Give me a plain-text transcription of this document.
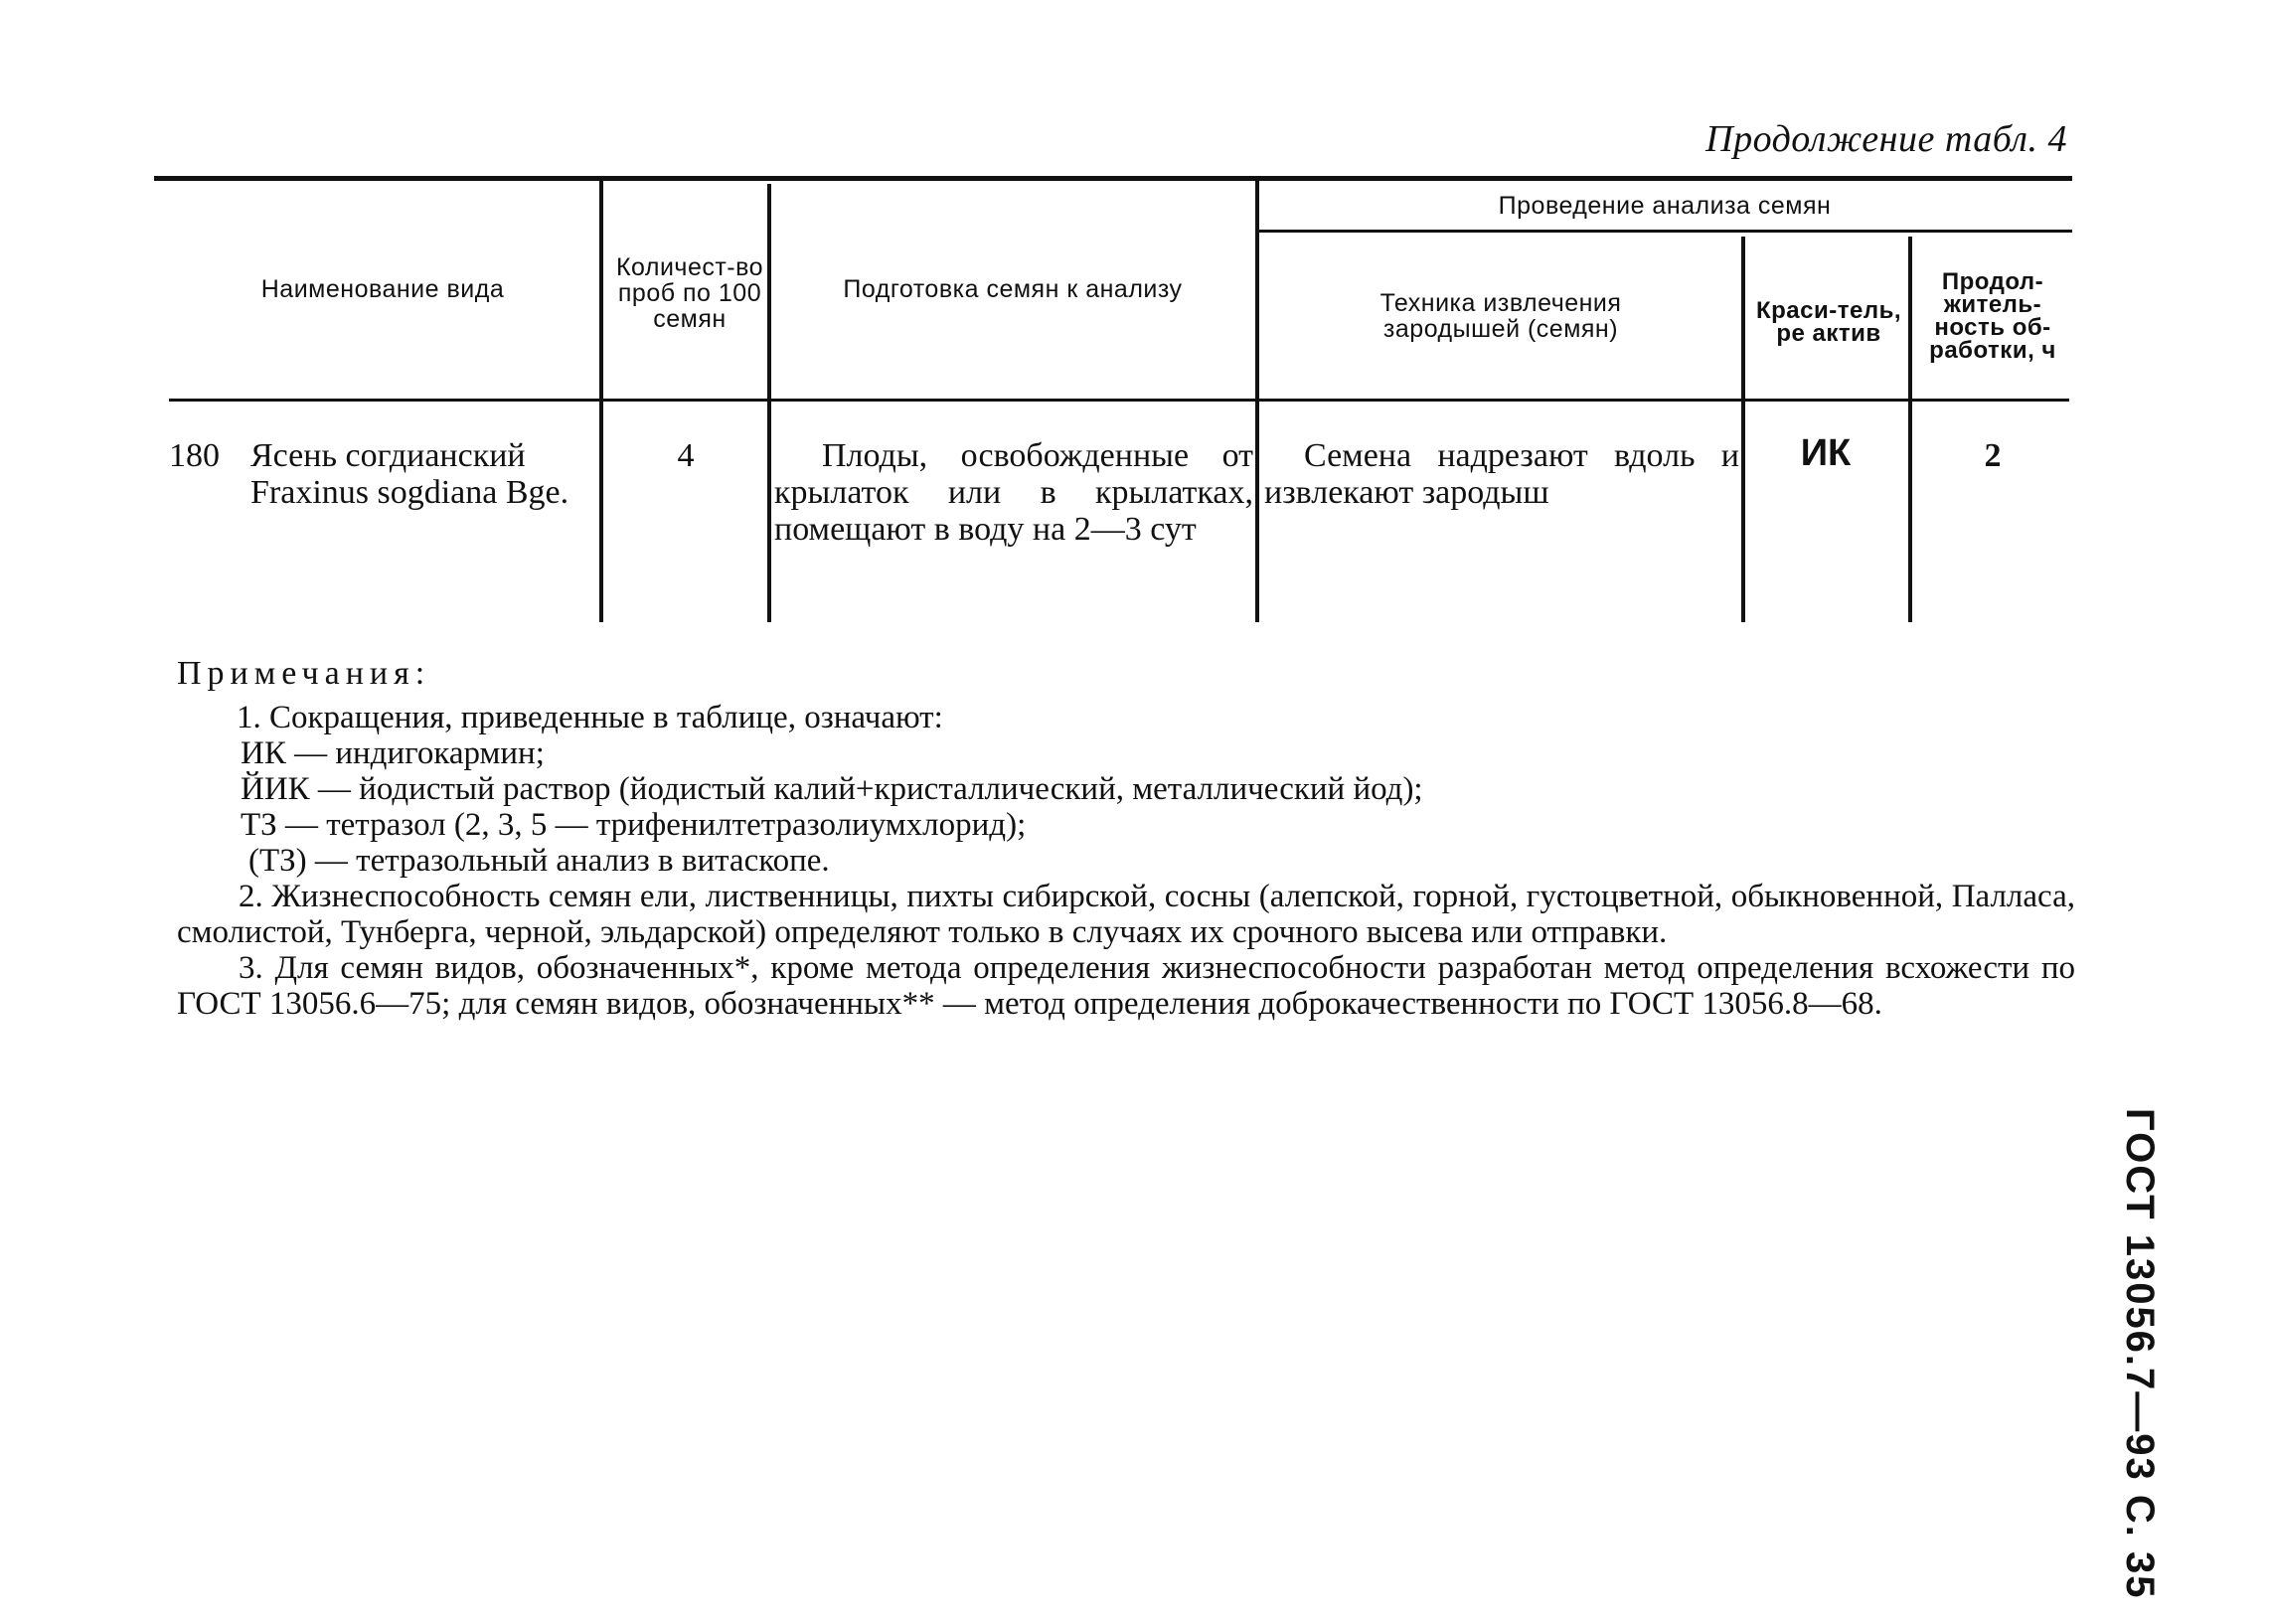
Продолжение табл. 4
Наименование вида
Количест-во проб по 100 семян
Подготовка семян к анализу
Проведение анализа семян
Техника извлечения зародышей (семян)
Краси-тель, ре актив
Продол-житель-ность об-работки, ч
180 Ясень согдианский Fraxinus sogdiana Bge.
4	Плоды, освобожденные от крылаток или в крылатках, помещают в воду на 2—3 сут
Семена надрезают вдоль и извлекают зародыш
ИК	2

Примечания:

1. Сокращения, приведенные в таблице, означают:

ИК — индигокармин;

ЙИК — йодистый раствор (йодистый калий+кристаллический, металлический йод);

ТЗ — тетразол (2, 3, 5 — трифенилтетразолиумхлорид);

(ТЗ) — тетразольный анализ в витаскопе.

2. Жизнеспособность семян ели, лиственницы, пихты сибирской, сосны (алепской, горной, густоцветной, обыкновенной, Палласа, смолистой, Тунберга, черной, эльдарской) определяют только в случаях их срочного высева или отправки.

3. Для семян видов, обозначенных*, кроме метода определения жизнеспособности разработан метод определения всхожести по ГОСТ 13056.6—75; для семян видов, обозначенных** — метод определения доброкачественности по ГОСТ 13056.8—68.

ГОСТ 13056.7—93 С. 35
